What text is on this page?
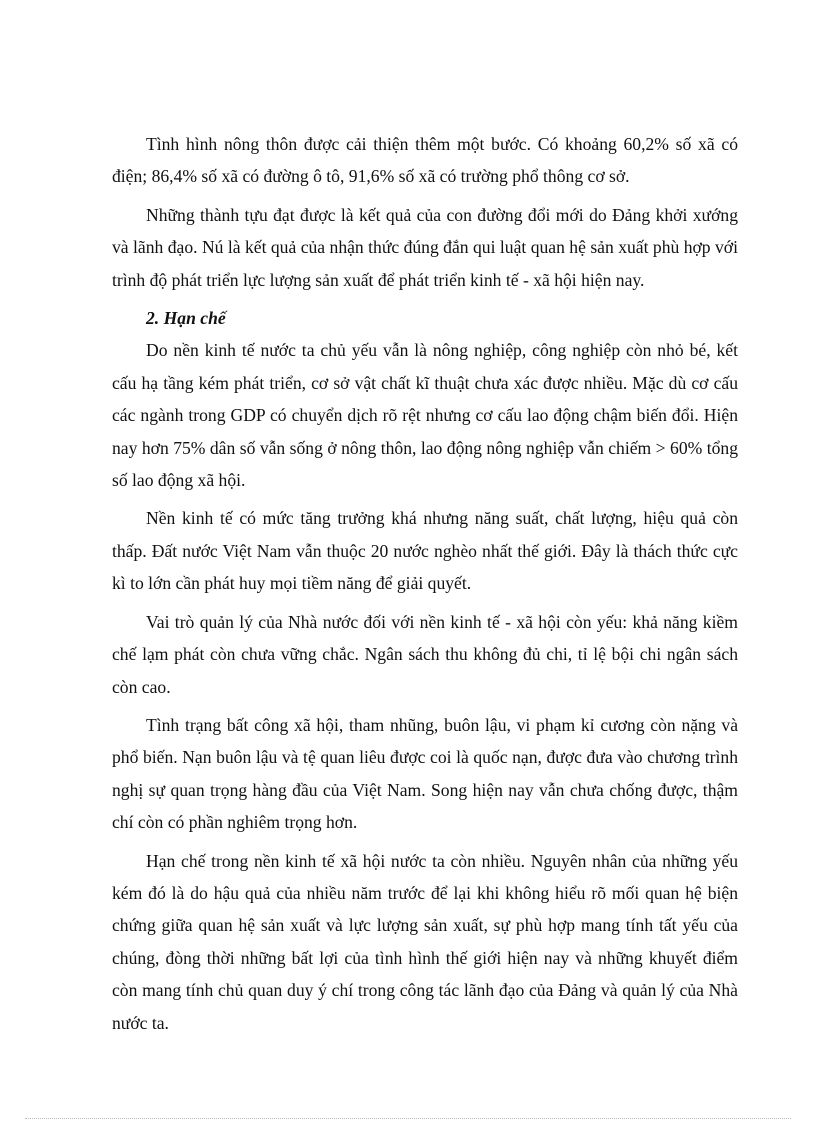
Tình hình nông thôn được cải thiện thêm một bước. Có khoảng 60,2% số xã có điện; 86,4% số xã có đường ô tô, 91,6% số xã có trường phổ thông cơ sở.

Những thành tựu đạt được là kết quả của con đường đổi mới do Đảng khởi xướng và lãnh đạo. Nú là kết quả của nhận thức đúng đắn qui luật quan hệ sản xuất phù hợp với trình độ phát triển lực lượng sản xuất để phát triển kinh tế - xã hội hiện nay.

2. Hạn chế

Do nền kinh tế nước ta chủ yếu vẫn là nông nghiệp, công nghiệp còn nhỏ bé, kết cấu hạ tầng kém phát triển, cơ sở vật chất kĩ thuật chưa xác được nhiều. Mặc dù cơ cấu các ngành trong GDP có chuyển dịch rõ rệt nhưng cơ cấu lao động chậm biến đổi. Hiện nay hơn 75% dân số vẫn sống ở nông thôn, lao động nông nghiệp vẫn chiếm > 60% tổng số lao động xã hội.

Nền kinh tế có mức tăng trưởng khá nhưng năng suất, chất lượng, hiệu quả còn thấp. Đất nước Việt Nam vẫn thuộc 20 nước nghèo nhất thế giới. Đây là thách thức cực kì to lớn cần phát huy mọi tiềm năng để giải quyết.

Vai trò quản lý của Nhà nước đối với nền kinh tế - xã hội còn yếu: khả năng kiềm chế lạm phát còn chưa vững chắc. Ngân sách thu không đủ chi, tỉ lệ bội chi ngân sách còn cao.

Tình trạng bất công xã hội, tham nhũng, buôn lậu, vi phạm kỉ cương còn nặng và phổ biến. Nạn buôn lậu và tệ quan liêu được coi là quốc nạn, được đưa vào chương trình nghị sự quan trọng hàng đầu của Việt Nam. Song hiện nay vẫn chưa chống được, thậm chí còn có phần nghiêm trọng hơn.

Hạn chế trong nền kinh tế xã hội nước ta còn nhiều. Nguyên nhân của những yếu kém đó là do hậu quả của nhiều năm trước để lại khi không hiểu rõ mối quan hệ biện chứng giữa quan hệ sản xuất và lực lượng sản xuất, sự phù hợp mang tính tất yếu của chúng, đòng thời những bất lợi của tình hình thế giới hiện nay và những khuyết điểm còn mang tính chủ quan duy ý chí trong công tác lãnh đạo của Đảng và quản lý của Nhà nước ta.
